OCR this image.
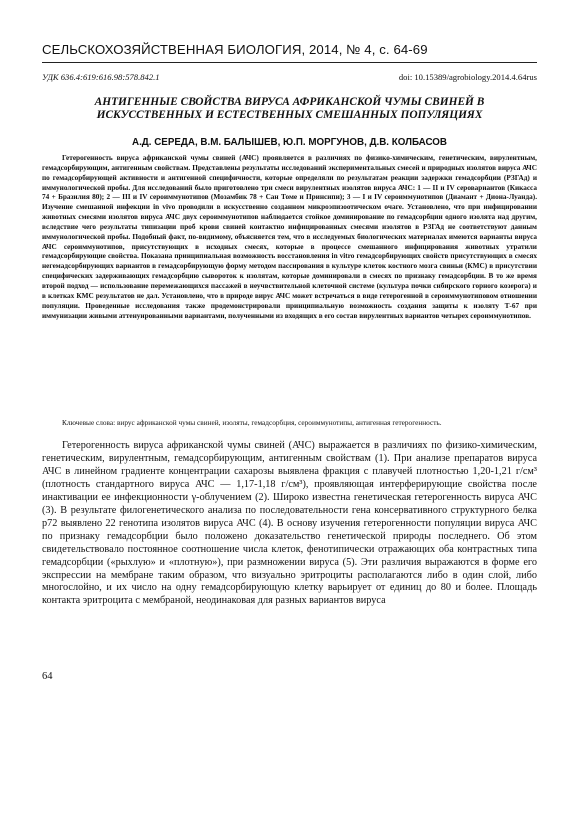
СЕЛЬСКОХОЗЯЙСТВЕННАЯ БИОЛОГИЯ, 2014, № 4, с. 64-69
УДК 636.4:619:616.98:578.842.1	doi: 10.15389/agrobiology.2014.4.64rus
АНТИГЕННЫЕ СВОЙСТВА ВИРУСА АФРИКАНСКОЙ ЧУМЫ СВИНЕЙ В ИСКУССТВЕННЫХ И ЕСТЕСТВЕННЫХ СМЕШАННЫХ ПОПУЛЯЦИЯХ

А.Д. СЕРЕДА, В.М. БАЛЫШЕВ, Ю.П. МОРГУНОВ, Д.В. КОЛБАСОВ

Гетерогенность вируса африканской чумы свиней (АЧС) проявляется в различиях по физико-химическим, генетическим, вирулентным, гемадсорбирующим, антигенным свойствам. Представлены результаты исследований экспериментальных смесей и природных изолятов вируса АЧС по гемадсорбирующей активности и антигенной специфичности, которые определяли по результатам реакции задержки гемадсорбции (РЗГАд) и иммунологической пробы. Для исследований было приготовлено три смеси вирулентных изолятов вируса АЧС: 1 — II и IV серовариантов (Кикасса 74 + Бразилия 80); 2 — III и IV сероиммунотипов (Мозамбик 78 + Сан Томе и Принсипи); 3 — I и IV сероиммунотипов (Диамант + Диона-Луанда). Изучение смешанной инфекции in vivo проводили в искусственно созданном микроэпизоотическом очаге. Установлено, что при инфицировании животных смесями изолятов вируса АЧС двух сероиммунотипов наблюдается стойкое доминирование по гемадсорбции одного изолята над другим, вследствие чего результаты типизации проб крови свиней контактно инфицированных смесями изолятов в РЗГАд не соответствуют данным иммунологической пробы. Подобный факт, по-видимому, объясняется тем, что в исследуемых биологических материалах имеются варианты вируса АЧС сероиммунотипов, присутствующих в исходных смесях, которые в процессе смешанного инфицирования животных утратили гемадсорбирующие свойства. Показана принципиальная возможность восстановления in vitro гемадсорбирующих свойств присутствующих в смесях негемадсорбирующих вариантов в гемадсорбирующую форму методом пассирования в культуре клеток костного мозга свиньи (КМС) в присутствии специфических задерживающих гемадсорбцию сывороток к изолятам, которые доминировали в смесях по признаку гемадсорбции. В то же время второй подход — использование перемежающихся пассажей в неучвствительной клеточной системе (культура почки сибирского горного козерога) и в клетках КМС результатов не дал. Установлено, что в природе вирус АЧС может встречаться в виде гетерогенной в сероиммунотиповом отношении популяции. Проведенные исследования также продемонстрировали принципиальную возможность создания защиты к изоляту Т-67 при иммунизации живыми аттенуированными вариантами, полученными из входящих в его состав вирулентных вариантов четырех сероиммунотипов.

Ключевые слова: вирус африканской чумы свиней, изоляты, гемадсорбция, сероиммунотипы, антигенная гетерогенность.

Гетерогенность вируса африканской чумы свиней (АЧС) выражается в различиях по физико-химическим, генетическим, вирулентным, гемадсорбирующим, антигенным свойствам (1). При анализе препаратов вируса АЧС в линейном градиенте концентрации сахарозы выявлена фракция с плавучей плотностью 1,20-1,21 г/см³ (плотность стандартного вируса АЧС — 1,17-1,18 г/см³), проявляющая интерферирующие свойства после инактивации ее инфекционности γ-облучением (2). Широко известна генетическая гетерогенность вируса АЧС (3). В результате филогенетического анализа по последовательности гена консервативного структурного белка р72 выявлено 22 генотипа изолятов вируса АЧС (4). В основу изучения гетерогенности популяции вируса АЧС по признаку гемадсорбции было положено доказательство генетической природы последнего. Об этом свидетельствовало постоянное соотношение числа клеток, фенотипически отражающих оба контрастных типа гемадсорбции («рыхлую» и «плотную»), при размножении вируса (5). Эти различия выражаются в форме его экспрессии на мембране таким образом, что визуально эритроциты располагаются либо в один слой, либо многослойно, и их число на одну гемадсорбирующую клетку варьирует от единиц до 80 и более. Площадь контакта эритроцита с мембраной, неодинаковая для разных вариантов вируса

64
